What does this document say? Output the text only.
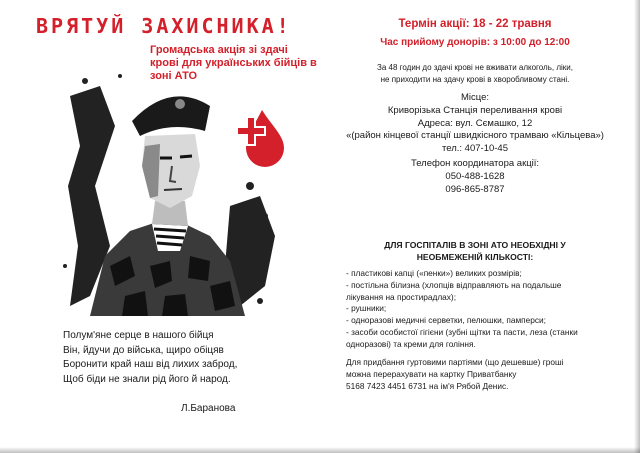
ВРЯТУЙ ЗАХИСНИКА!
Громадська акція зі здачі
крові для українських бійців в
зоні АТО
Полум'яне серце в нашого бійця
Він, йдучи до війська, щиро обіцяв
Боронити край наш від лихих заброд,
Щоб біди не знали рід його й народ.
Л.Баранова
Термін акції: 18 - 22 травня
Час прийому донорів: з 10:00 до 12:00
За 48 годин до здачі крові не вживати алкоголь, ліки,
не приходити на здачу крові в хворобливому стані.
Місце:
Криворізька Станція переливання крові
Адреса: вул. Сємашко, 12
«(район кінцевої станції швидкісного трамваю «Кільцева»)
тел.: 407-10-45
Телефон координатора акції:
050-488-1628
096-865-8787
ДЛЯ ГОСПІТАЛІВ В ЗОНІ АТО НЕОБХІДНІ У
НЕОБМЕЖЕНІЙ КІЛЬКОСТІ:
- пластикові капці («пенки») великих розмірів;
- постільна білизна (хлопців відправляють на подальше
лікування на простирадлах);
- рушники;
- одноразові медичні серветки, пелюшки, памперси;
- засоби особистої гігієни (зубні щітки та пасти, леза (станки
одноразові) та креми для гоління.
Для придбання гуртовими партіями (що дешевше) гроші
можна перерахувати на картку Приватбанку
5168 7423 4451 6731 на ім'я Рябой Денис.
